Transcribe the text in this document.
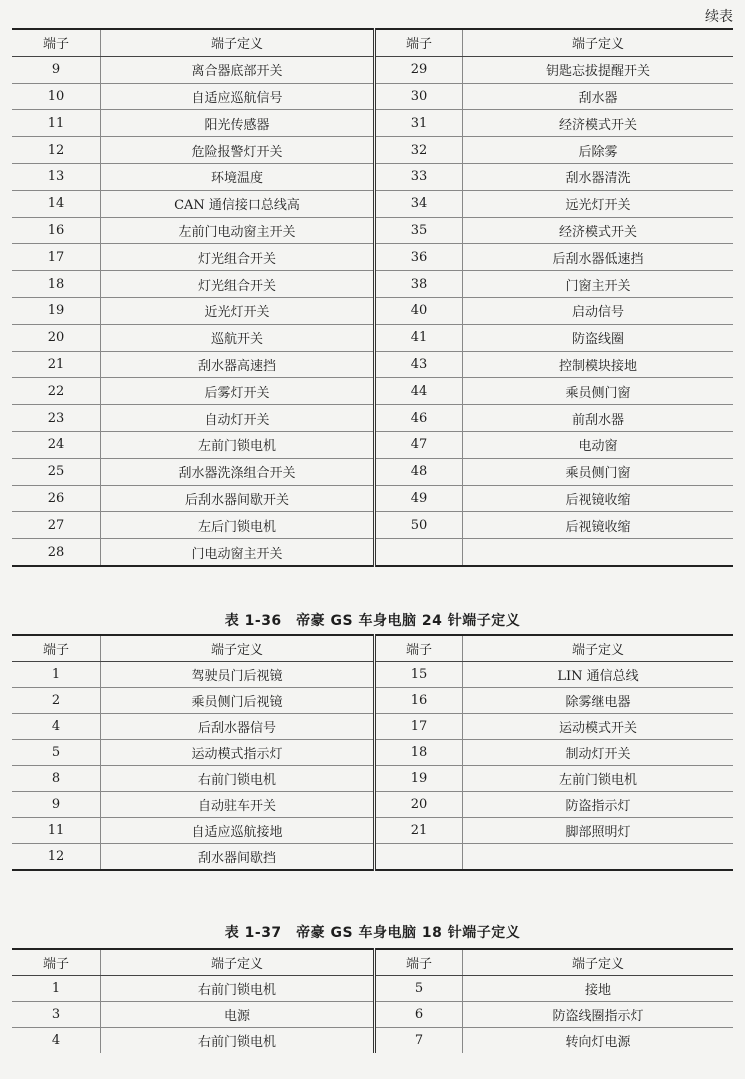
续表
端子	端子定义	端子	端子定义
9	离合器底部开关	29	钥匙忘拔提醒开关
10	自适应巡航信号	30	刮水器
11	阳光传感器	31	经济模式开关
12	危险报警灯开关	32	后除雾
13	环境温度	33	刮水器清洗
14	CAN 通信接口总线高	34	远光灯开关
16	左前门电动窗主开关	35	经济模式开关
17	灯光组合开关	36	后刮水器低速挡
18	灯光组合开关	38	门窗主开关
19	近光灯开关	40	启动信号
20	巡航开关	41	防盗线圈
21	刮水器高速挡	43	控制模块接地
22	后雾灯开关	44	乘员侧门窗
23	自动灯开关	46	前刮水器
24	左前门锁电机	47	电动窗
25	刮水器洗涤组合开关	48	乘员侧门窗
26	后刮水器间歇开关	49	后视镜收缩
27	左后门锁电机	50	后视镜收缩
28	门电动窗主开关		
表 1-36　帝豪 GS 车身电脑 24 针端子定义
端子	端子定义	端子	端子定义
1	驾驶员门后视镜	15	LIN 通信总线
2	乘员侧门后视镜	16	除雾继电器
4	后刮水器信号	17	运动模式开关
5	运动模式指示灯	18	制动灯开关
8	右前门锁电机	19	左前门锁电机
9	自动驻车开关	20	防盗指示灯
11	自适应巡航接地	21	脚部照明灯
12	刮水器间歇挡		
表 1-37　帝豪 GS 车身电脑 18 针端子定义
端子	端子定义	端子	端子定义
1	右前门锁电机	5	接地
3	电源	6	防盗线圈指示灯
4	右前门锁电机	7	转向灯电源
